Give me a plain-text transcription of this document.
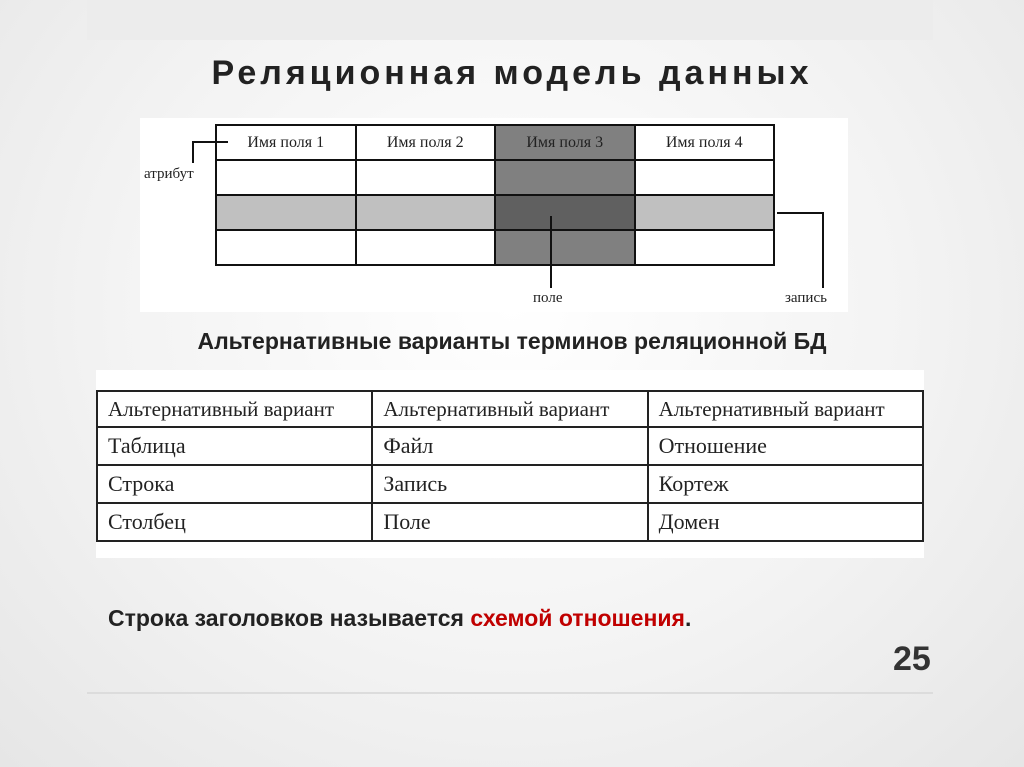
Реляционная модель данных
Имя поля 1	Имя поля 2	Имя поля 3	Имя поля 4

атрибут
поле	запись
Альтернативные варианты терминов реляционной БД
Альтернативный вариант	Альтернативный вариант	Альтернативный вариант
Таблица	Файл	Отношение
Строка	Запись	Кортеж
Столбец	Поле	Домен
Строка заголовков называется схемой отношения.
25
